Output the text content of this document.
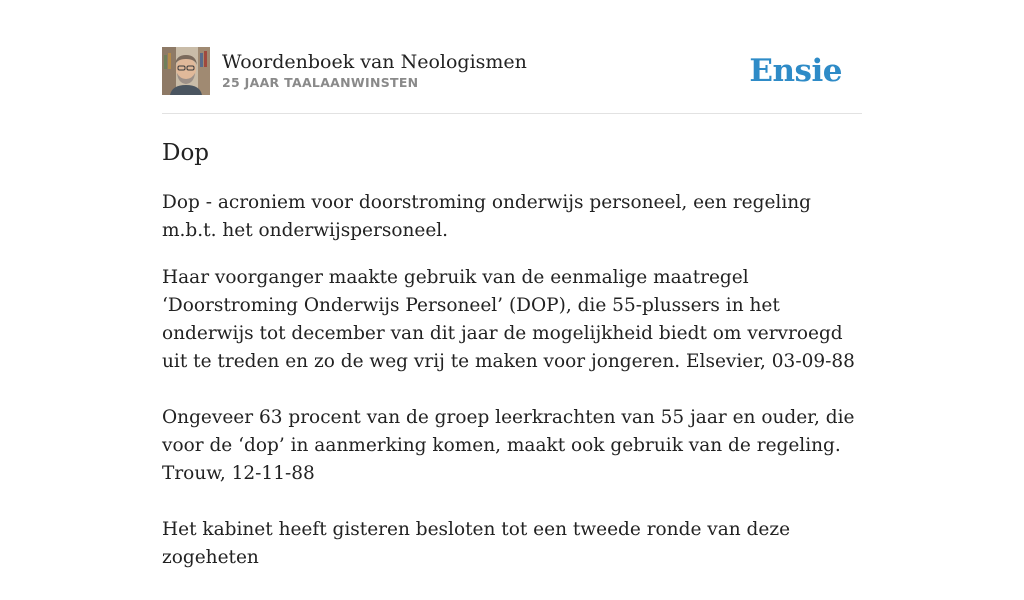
Woordenboek van Neologismen
25 JAAR TAALAANWINSTEN	Ensie
Dop

Dop - acroniem voor doorstroming onderwijs personeel, een regeling m.b.t. het onderwijspersoneel.

Haar voorganger maakte gebruik van de eenmalige maatregel ‘Doorstroming Onderwijs Personeel’ (DOP), die 55-plussers in het onderwijs tot december van dit jaar de mogelijkheid biedt om vervroegd uit te treden en zo de weg vrij te maken voor jongeren. Elsevier, 03-09-88

Ongeveer 63 procent van de groep leerkrachten van 55 jaar en ouder, die voor de ‘dop’ in aanmerking komen, maakt ook gebruik van de regeling. Trouw, 12-11-88

Het kabinet heeft gisteren besloten tot een tweede ronde van deze zogeheten
